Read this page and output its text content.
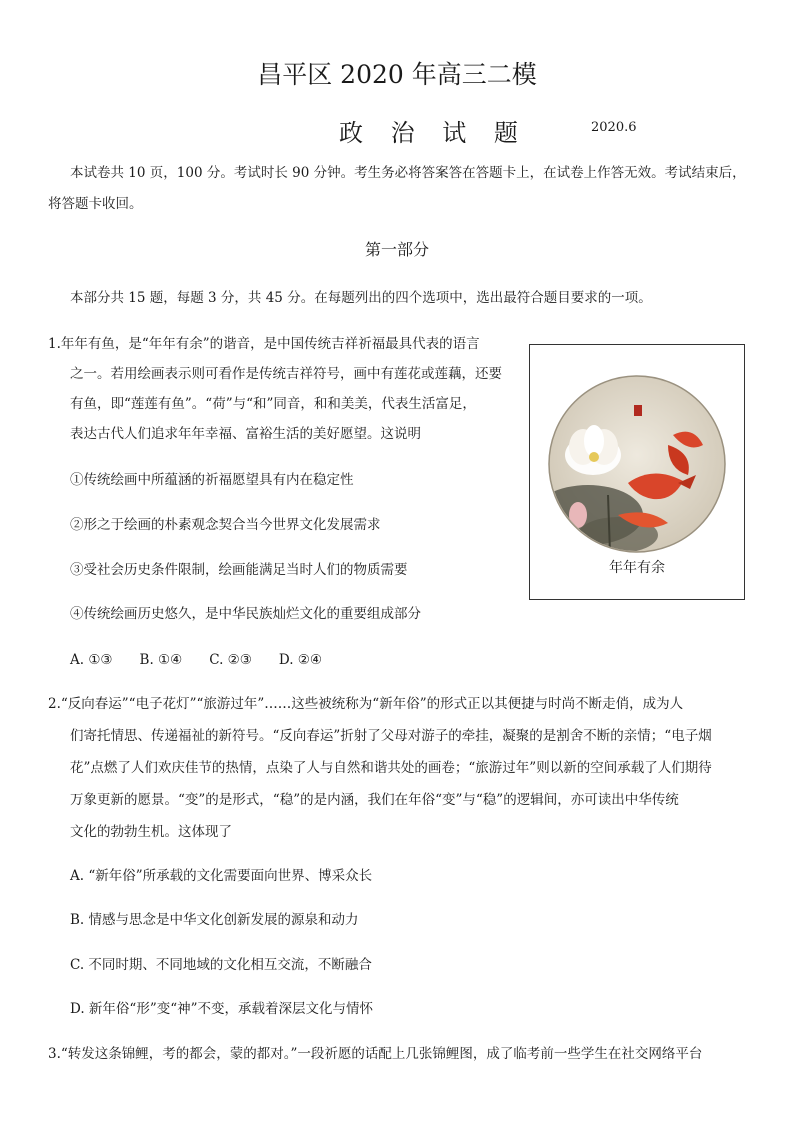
昌平区 2020 年高三二模
政 治 试 题	2020.6
本试卷共 10 页，100 分。考试时长 90 分钟。考生务必将答案答在答题卡上，在试卷上作答无效。考试结束后，
将答题卡收回。
第一部分
本部分共 15 题，每题 3 分，共 45 分。在每题列出的四个选项中，选出最符合题目要求的一项。
1.年年有鱼，是“年年有余”的谐音，是中国传统吉祥祈福最具代表的语言
之一。若用绘画表示则可看作是传统吉祥符号，画中有莲花或莲藕，还要
有鱼，即“莲莲有鱼”。“荷”与“和”同音，和和美美，代表生活富足，
表达古代人们追求年年幸福、富裕生活的美好愿望。这说明
①传统绘画中所蕴涵的祈福愿望具有内在稳定性
②形之于绘画的朴素观念契合当今世界文化发展需求
③受社会历史条件限制，绘画能满足当时人们的物质需要
④传统绘画历史悠久，是中华民族灿烂文化的重要组成部分
A. ①③　　B. ①④　　C. ②③　　D. ②④
年年有余
2.“反向春运”“电子花灯”“旅游过年”……这些被统称为“新年俗”的形式正以其便捷与时尚不断走俏，成为人
们寄托情思、传递福祉的新符号。“反向春运”折射了父母对游子的牵挂，凝聚的是割舍不断的亲情；“电子烟
花”点燃了人们欢庆佳节的热情，点染了人与自然和谐共处的画卷；“旅游过年”则以新的空间承载了人们期待
万象更新的愿景。“变”的是形式，“稳”的是内涵，我们在年俗“变”与“稳”的逻辑间，亦可读出中华传统
文化的勃勃生机。这体现了
A. “新年俗”所承载的文化需要面向世界、博采众长
B. 情感与思念是中华文化创新发展的源泉和动力
C. 不同时期、不同地域的文化相互交流，不断融合
D. 新年俗“形”变“神”不变，承载着深层文化与情怀
3.“转发这条锦鲤，考的都会，蒙的都对。”一段祈愿的话配上几张锦鲤图，成了临考前一些学生在社交网络平台
